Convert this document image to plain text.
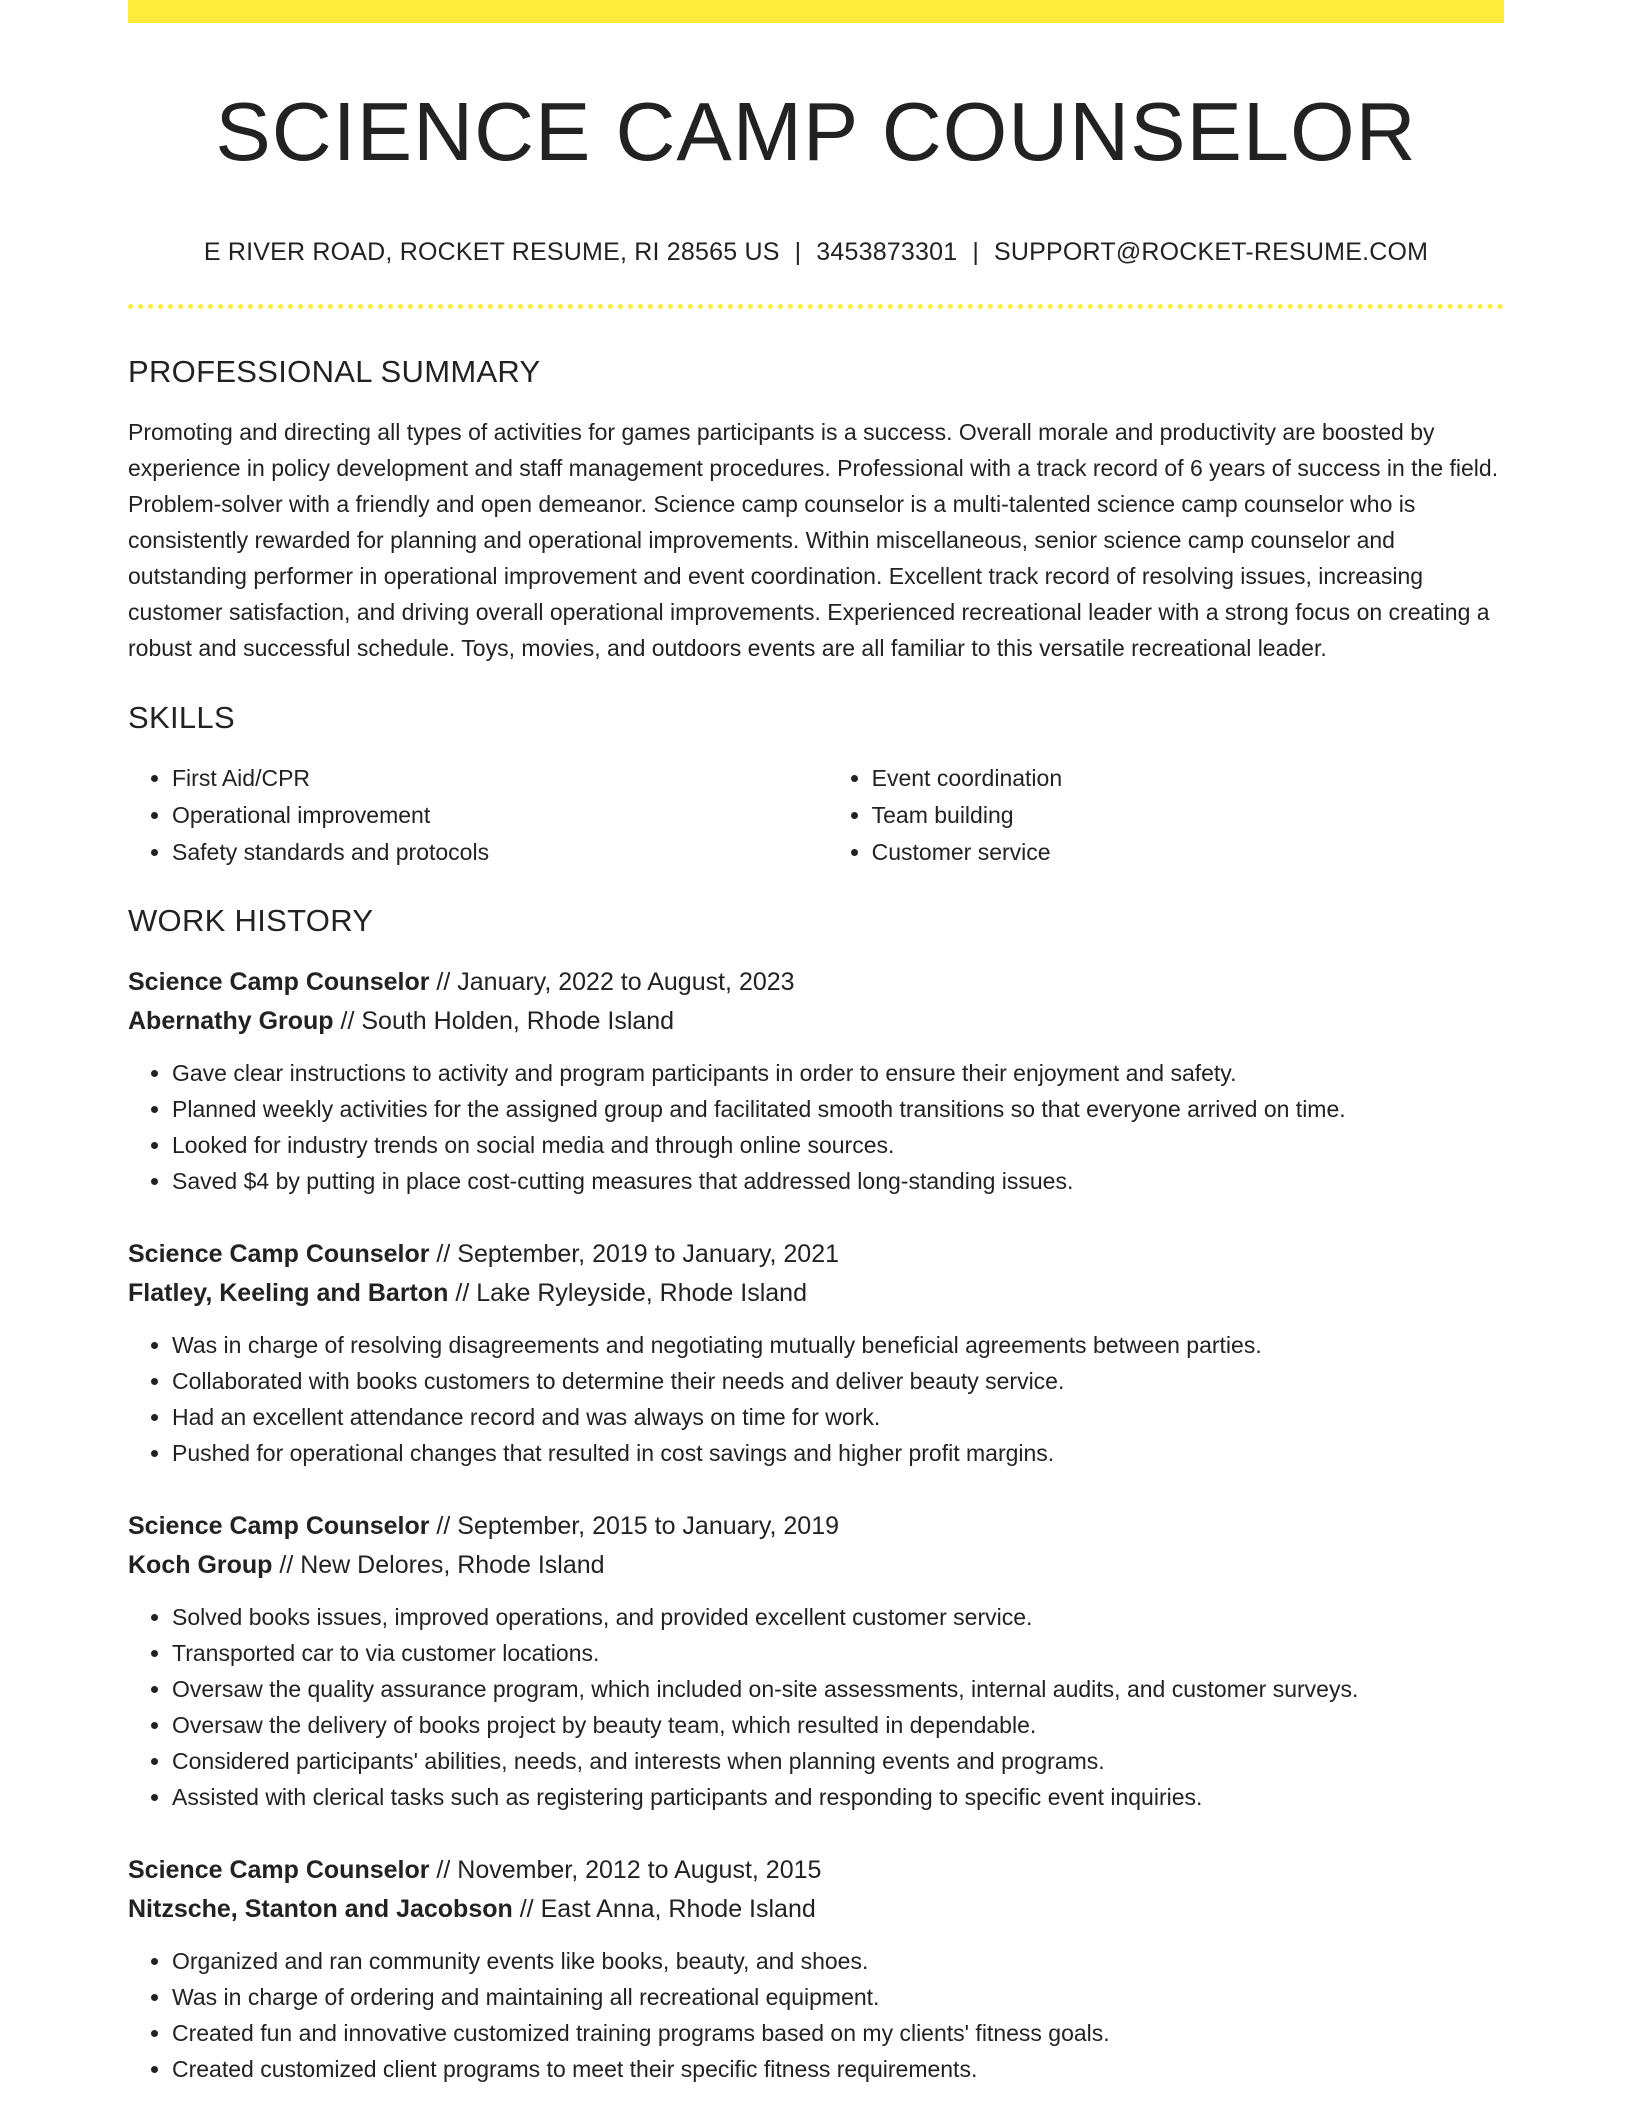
SCIENCE CAMP COUNSELOR
E RIVER ROAD, ROCKET RESUME, RI 28565 US | 3453873301 | SUPPORT@ROCKET-RESUME.COM
PROFESSIONAL SUMMARY
Promoting and directing all types of activities for games participants is a success. Overall morale and productivity are boosted by experience in policy development and staff management procedures. Professional with a track record of 6 years of success in the field. Problem-solver with a friendly and open demeanor. Science camp counselor is a multi-talented science camp counselor who is consistently rewarded for planning and operational improvements. Within miscellaneous, senior science camp counselor and outstanding performer in operational improvement and event coordination. Excellent track record of resolving issues, increasing customer satisfaction, and driving overall operational improvements. Experienced recreational leader with a strong focus on creating a robust and successful schedule. Toys, movies, and outdoors events are all familiar to this versatile recreational leader.
SKILLS
• First Aid/CPR
• Operational improvement
• Safety standards and protocols
• Event coordination
• Team building
• Customer service
WORK HISTORY
Science Camp Counselor // January, 2022 to August, 2023
Abernathy Group // South Holden, Rhode Island
• Gave clear instructions to activity and program participants in order to ensure their enjoyment and safety.
• Planned weekly activities for the assigned group and facilitated smooth transitions so that everyone arrived on time.
• Looked for industry trends on social media and through online sources.
• Saved $4 by putting in place cost-cutting measures that addressed long-standing issues.
Science Camp Counselor // September, 2019 to January, 2021
Flatley, Keeling and Barton // Lake Ryleyside, Rhode Island
• Was in charge of resolving disagreements and negotiating mutually beneficial agreements between parties.
• Collaborated with books customers to determine their needs and deliver beauty service.
• Had an excellent attendance record and was always on time for work.
• Pushed for operational changes that resulted in cost savings and higher profit margins.
Science Camp Counselor // September, 2015 to January, 2019
Koch Group // New Delores, Rhode Island
• Solved books issues, improved operations, and provided excellent customer service.
• Transported car to via customer locations.
• Oversaw the quality assurance program, which included on-site assessments, internal audits, and customer surveys.
• Oversaw the delivery of books project by beauty team, which resulted in dependable.
• Considered participants' abilities, needs, and interests when planning events and programs.
• Assisted with clerical tasks such as registering participants and responding to specific event inquiries.
Science Camp Counselor // November, 2012 to August, 2015
Nitzsche, Stanton and Jacobson // East Anna, Rhode Island
• Organized and ran community events like books, beauty, and shoes.
• Was in charge of ordering and maintaining all recreational equipment.
• Created fun and innovative customized training programs based on my clients' fitness goals.
• Created customized client programs to meet their specific fitness requirements.
